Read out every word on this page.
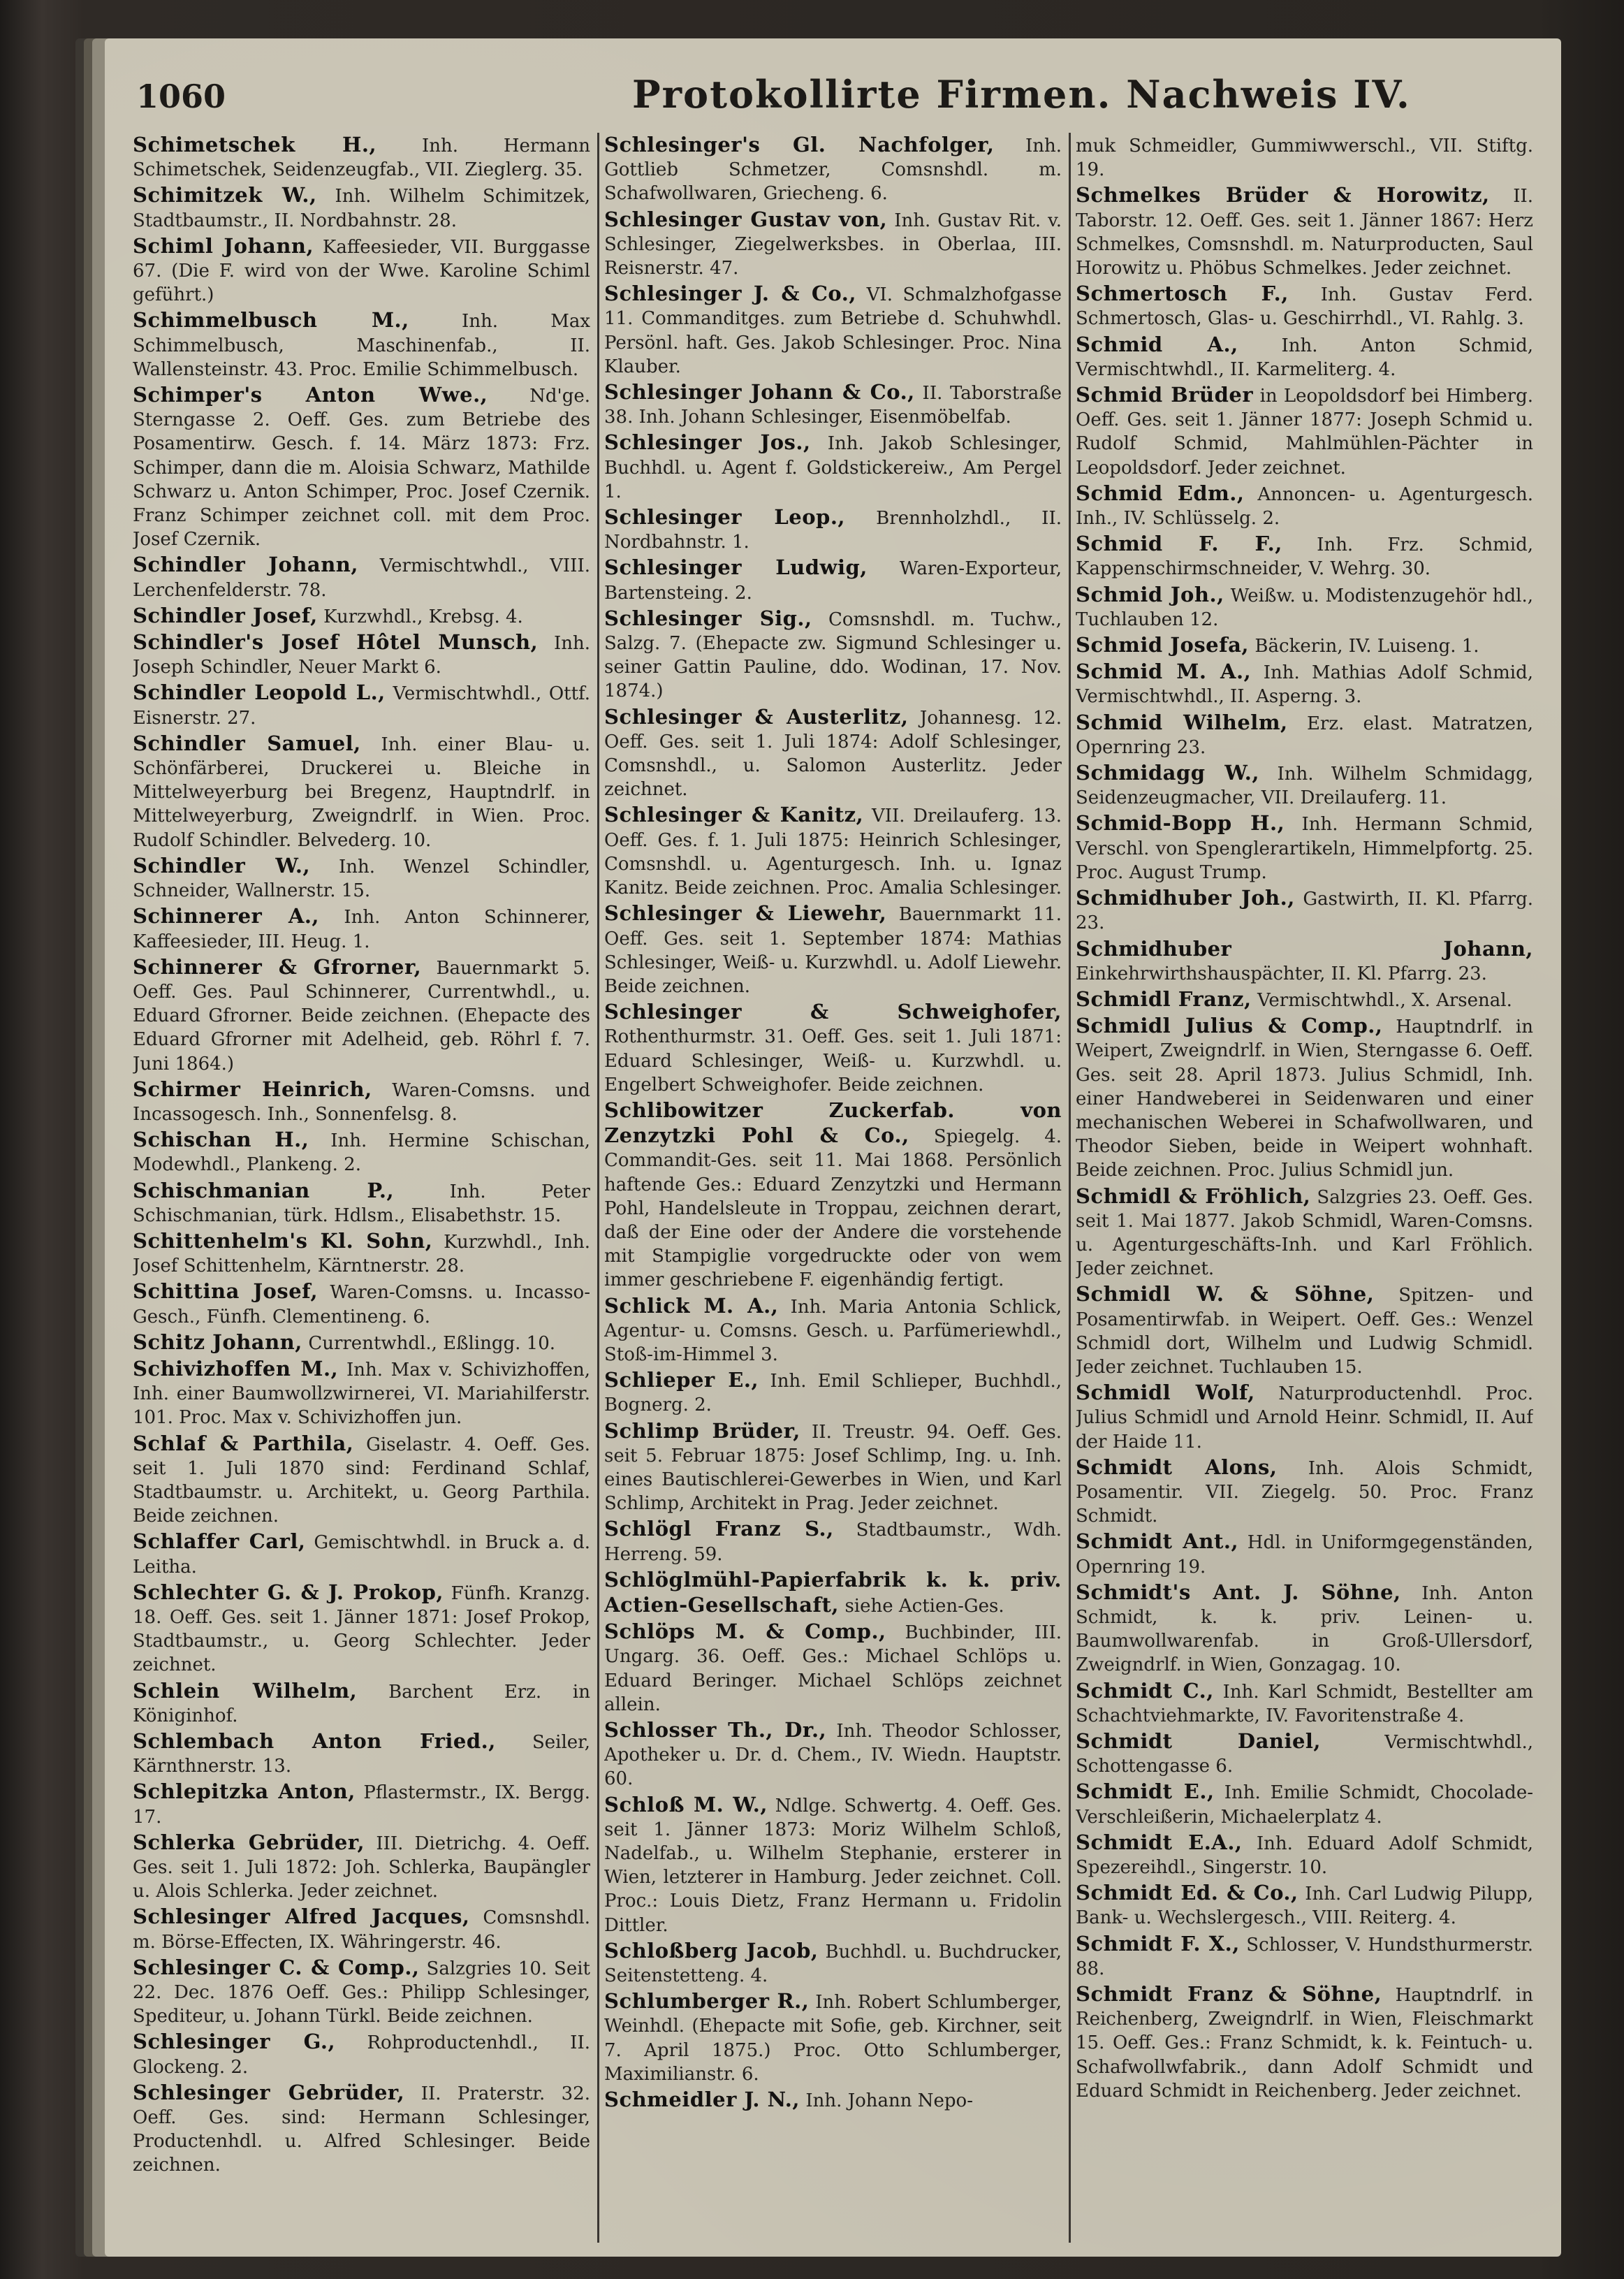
1060	Protokollirte Firmen. Nachweis IV.

Schimetschek H., Inh. Hermann Schimetschek, Seidenzeugfab., VII. Zieglerg. 35.

Schimitzek W., Inh. Wilhelm Schimitzek, Stadtbaumstr., II. Nordbahnstr. 28.

Schiml Johann, Kaffeesieder, VII. Burggasse 67. (Die F. wird von der Wwe. Karoline Schiml geführt.)

Schimmelbusch M.,	Inh. Max Schimmelbusch, Maschinenfab., II. Wallensteinstr. 43. Proc. Emilie Schimmelbusch.

Schimper's Anton Wwe., Nd'ge. Sterngasse 2. Oeff. Ges. zum Betriebe des Posamentirw. Gesch. f. 14. März 1873: Frz. Schimper, dann die m. Aloisia Schwarz, Mathilde Schwarz u. Anton Schimper, Proc. Josef Czernik. Franz Schimper zeichnet coll. mit dem Proc. Josef Czernik.

Schindler Johann, Vermischtwhdl., VIII. Lerchenfelderstr. 78.

Schindler Josef, Kurzwhdl., Krebsg. 4.

Schindler's Josef Hôtel Munsch, Inh. Joseph Schindler, Neuer Markt 6.

Schindler Leopold L., Vermischtwhdl., Ottf. Eisnerstr. 27.

Schindler Samuel, Inh. einer Blau- u. Schönfärberei, Druckerei u. Bleiche in Mittelweyerburg bei Bregenz, Hauptndrlf. in Mittelweyerburg, Zweigndrlf. in Wien. Proc. Rudolf Schindler. Belvederg. 10.

Schindler W., Inh. Wenzel Schindler, Schneider, Wallnerstr. 15.

Schinnerer A., Inh. Anton Schinnerer, Kaffeesieder, III. Heug. 1.

Schinnerer & Gfrorner, Bauernmarkt 5. Oeff. Ges. Paul Schinnerer, Currentwhdl., u. Eduard Gfrorner. Beide zeichnen. (Ehepacte des Eduard Gfrorner mit Adelheid, geb. Röhrl f. 7. Juni 1864.)

Schirmer Heinrich, Waren-Comsns. und Incassogesch. Inh., Sonnenfelsg. 8.

Schischan H., Inh. Hermine Schischan, Modewhdl., Plankeng. 2.

Schischmanian P.,	Inh. Peter Schischmanian, türk. Hdlsm., Elisabethstr. 15.

Schittenhelm's Kl. Sohn, Kurzwhdl., Inh. Josef Schittenhelm, Kärntnerstr. 28.

Schittina Josef, Waren-Comsns. u. Incasso-Gesch., Fünfh. Clementineng. 6.

Schitz Johann, Currentwhdl., Eßlingg. 10.

Schivizhoffen M., Inh. Max v. Schivizhoffen, Inh. einer Baumwollzwirnerei, VI. Mariahilferstr. 101. Proc. Max v. Schivizhoffen jun.

Schlaf & Parthila, Giselastr. 4. Oeff. Ges. seit 1. Juli 1870 sind: Ferdinand Schlaf, Stadtbaumstr. u. Architekt, u. Georg Parthila. Beide zeichnen.

Schlaffer Carl, Gemischtwhdl. in Bruck a. d. Leitha.

Schlechter G. & J. Prokop, Fünfh. Kranzg. 18. Oeff. Ges. seit 1. Jänner 1871: Josef Prokop, Stadtbaumstr., u. Georg Schlechter. Jeder zeichnet.

Schlein Wilhelm, Barchent Erz. in Königinhof.

Schlembach Anton Fried., Seiler, Kärnthnerstr. 13.

Schlepitzka Anton, Pflastermstr., IX. Bergg. 17.

Schlerka Gebrüder, III. Dietrichg. 4. Oeff. Ges. seit 1. Juli 1872: Joh. Schlerka, Baupängler u. Alois Schlerka. Jeder zeichnet.

Schlesinger Alfred Jacques, Comsnshdl. m. Börse-Effecten, IX. Währingerstr. 46.

Schlesinger C. & Comp., Salzgries 10. Seit 22. Dec. 1876 Oeff. Ges.: Philipp Schlesinger, Spediteur, u. Johann Türkl. Beide zeichnen.

Schlesinger G., Rohproductenhdl., II. Glockeng. 2.

Schlesinger Gebrüder, II. Praterstr. 32. Oeff. Ges. sind: Hermann Schlesinger, Productenhdl. u. Alfred Schlesinger. Beide zeichnen.

Schlesinger's Gl. Nachfolger, Inh. Gottlieb Schmetzer, Comsnshdl. m. Schafwollwaren, Griecheng. 6.

Schlesinger Gustav von, Inh. Gustav Rit. v. Schlesinger, Ziegelwerksbes. in Oberlaa, III. Reisnerstr. 47.

Schlesinger J. & Co., VI. Schmalzhofgasse 11. Commanditges. zum Betriebe d. Schuhwhdl. Persönl. haft. Ges. Jakob Schlesinger. Proc. Nina Klauber.

Schlesinger Johann & Co., II. Taborstraße 38. Inh. Johann Schlesinger, Eisenmöbelfab.

Schlesinger Jos., Inh. Jakob Schlesinger, Buchhdl. u. Agent f. Goldstickereiw., Am Pergel 1.

Schlesinger Leop., Brennholzhdl., II. Nordbahnstr. 1.

Schlesinger Ludwig, Waren-Exporteur, Bartensteing. 2.

Schlesinger Sig., Comsnshdl. m. Tuchw., Salzg. 7. (Ehepacte zw. Sigmund Schlesinger u. seiner Gattin Pauline, ddo. Wodinan, 17. Nov. 1874.)

Schlesinger & Austerlitz, Johannesg. 12. Oeff. Ges. seit 1. Juli 1874: Adolf Schlesinger, Comsnshdl., u. Salomon Austerlitz. Jeder zeichnet.

Schlesinger & Kanitz, VII. Dreilauferg. 13. Oeff. Ges. f. 1. Juli 1875: Heinrich Schlesinger, Comsnshdl. u. Agenturgesch. Inh. u. Ignaz Kanitz. Beide zeichnen. Proc. Amalia Schlesinger.

Schlesinger & Liewehr, Bauernmarkt 11. Oeff. Ges. seit 1. September 1874: Mathias Schlesinger, Weiß- u. Kurzwhdl. u. Adolf Liewehr. Beide zeichnen.

Schlesinger & Schweighofer, Rothenthurmstr. 31. Oeff. Ges. seit 1. Juli 1871: Eduard Schlesinger, Weiß- u. Kurzwhdl. u. Engelbert Schweighofer. Beide zeichnen.

Schlibowitzer Zuckerfab. von Zenzytzki Pohl & Co., Spiegelg. 4. Commandit-Ges. seit 11. Mai 1868. Persönlich haftende Ges.: Eduard Zenzytzki und Hermann Pohl, Handelsleute in Troppau, zeichnen derart, daß der Eine oder der Andere die vorstehende mit Stampiglie vorgedruckte oder von wem immer geschriebene F. eigenhändig fertigt.

Schlick M. A., Inh. Maria Antonia Schlick, Agentur- u. Comsns. Gesch. u. Parfümeriewhdl., Stoß-im-Himmel 3.

Schlieper E., Inh. Emil Schlieper, Buchhdl., Bognerg. 2.

Schlimp Brüder, II. Treustr. 94. Oeff. Ges. seit 5. Februar 1875: Josef Schlimp, Ing. u. Inh. eines Bautischlerei-Gewerbes in Wien, und Karl Schlimp, Architekt in Prag. Jeder zeichnet.

Schlögl Franz S., Stadtbaumstr., Wdh. Herreng. 59.

Schlöglmühl-Papierfabrik k. k. priv. Actien-Gesellschaft, siehe Actien-Ges.

Schlöps M. & Comp., Buchbinder, III. Ungarg. 36. Oeff. Ges.: Michael Schlöps u. Eduard Beringer. Michael Schlöps zeichnet allein.

Schlosser Th., Dr., Inh. Theodor Schlosser, Apotheker u. Dr. d. Chem., IV. Wiedn. Hauptstr. 60.

Schloß M. W., Ndlge. Schwertg. 4. Oeff. Ges. seit 1. Jänner 1873: Moriz Wilhelm Schloß, Nadelfab., u. Wilhelm Stephanie, ersterer in Wien, letzterer in Hamburg. Jeder zeichnet. Coll. Proc.: Louis Dietz, Franz Hermann u. Fridolin Dittler.

Schloßberg Jacob, Buchhdl. u. Buchdrucker, Seitenstetteng. 4.

Schlumberger R., Inh. Robert Schlumberger, Weinhdl. (Ehepacte mit Sofie, geb. Kirchner, seit 7. April 1875.) Proc. Otto Schlumberger, Maximilianstr. 6.

Schmeidler J. N., Inh. Johann Nepo-

muk Schmeidler, Gummiwwerschl., VII. Stiftg. 19.

Schmelkes Brüder & Horowitz, II. Taborstr. 12. Oeff. Ges. seit 1. Jänner 1867: Herz Schmelkes, Comsnshdl. m. Naturproducten, Saul Horowitz u. Phöbus Schmelkes. Jeder zeichnet.

Schmertosch F., Inh. Gustav Ferd. Schmertosch, Glas- u. Geschirrhdl., VI. Rahlg. 3.

Schmid A., Inh. Anton Schmid, Vermischtwhdl., II. Karmeliterg. 4.

Schmid Brüder in Leopoldsdorf bei Himberg. Oeff. Ges. seit 1. Jänner 1877: Joseph Schmid u. Rudolf Schmid, Mahlmühlen-Pächter in Leopoldsdorf. Jeder zeichnet.

Schmid Edm., Annoncen- u. Agenturgesch. Inh., IV. Schlüsselg. 2.

Schmid F. F., Inh. Frz. Schmid, Kappenschirmschneider, V. Wehrg. 30.

Schmid Joh., Weißw. u. Modistenzugehör hdl., Tuchlauben 12.

Schmid Josefa, Bäckerin, IV. Luiseng. 1.

Schmid M. A., Inh. Mathias Adolf Schmid, Vermischtwhdl., II. Asperng. 3.

Schmid Wilhelm, Erz. elast. Matratzen, Opernring 23.

Schmidagg W., Inh. Wilhelm Schmidagg, Seidenzeugmacher, VII. Dreilauferg. 11.

Schmid-Bopp H., Inh. Hermann Schmid, Verschl. von Spenglerartikeln, Himmelpfortg. 25. Proc. August Trump.

Schmidhuber Joh., Gastwirth, II. Kl. Pfarrg. 23.

Schmidhuber Johann, Einkehrwirthshauspächter, II. Kl. Pfarrg. 23.

Schmidl Franz, Vermischtwhdl., X. Arsenal.

Schmidl Julius & Comp., Hauptndrlf. in Weipert, Zweigndrlf. in Wien, Sterngasse 6. Oeff. Ges. seit 28. April 1873. Julius Schmidl, Inh. einer Handweberei in Seidenwaren und einer mechanischen Weberei in Schafwollwaren, und Theodor Sieben, beide in Weipert wohnhaft. Beide zeichnen. Proc. Julius Schmidl jun.

Schmidl & Fröhlich, Salzgries 23. Oeff. Ges. seit 1. Mai 1877. Jakob Schmidl, Waren-Comsns. u. Agenturgeschäfts-Inh. und Karl Fröhlich. Jeder zeichnet.

Schmidl W. & Söhne, Spitzen- und Posamentirwfab. in Weipert. Oeff. Ges.: Wenzel Schmidl dort, Wilhelm und Ludwig Schmidl. Jeder zeichnet. Tuchlauben 15.

Schmidl Wolf, Naturproductenhdl. Proc. Julius Schmidl und Arnold Heinr. Schmidl, II. Auf der Haide 11.

Schmidt Alons, Inh. Alois Schmidt, Posamentir. VII. Ziegelg. 50. Proc. Franz Schmidt.

Schmidt Ant., Hdl. in Uniformgegenständen, Opernring 19.

Schmidt's Ant. J. Söhne, Inh. Anton Schmidt, k. k. priv. Leinen- u. Baumwollwarenfab. in Groß-Ullersdorf, Zweigndrlf. in Wien, Gonzagag. 10.

Schmidt C., Inh. Karl Schmidt, Bestellter am Schachtviehmarkte, IV. Favoritenstraße 4.

Schmidt Daniel,	Vermischtwhdl., Schottengasse 6.

Schmidt E., Inh. Emilie Schmidt, Chocolade-Verschleißerin, Michaelerplatz 4.

Schmidt E.A., Inh. Eduard Adolf Schmidt, Spezereihdl., Singerstr. 10.

Schmidt Ed. & Co., Inh. Carl Ludwig Pilupp, Bank- u. Wechslergesch., VIII. Reiterg. 4.

Schmidt F. X., Schlosser, V. Hundsthurmerstr. 88.

Schmidt Franz & Söhne, Hauptndrlf. in Reichenberg, Zweigndrlf. in Wien, Fleischmarkt 15. Oeff. Ges.: Franz Schmidt, k. k. Feintuch- u. Schafwollwfabrik., dann Adolf Schmidt und Eduard Schmidt in Reichenberg. Jeder zeichnet.
